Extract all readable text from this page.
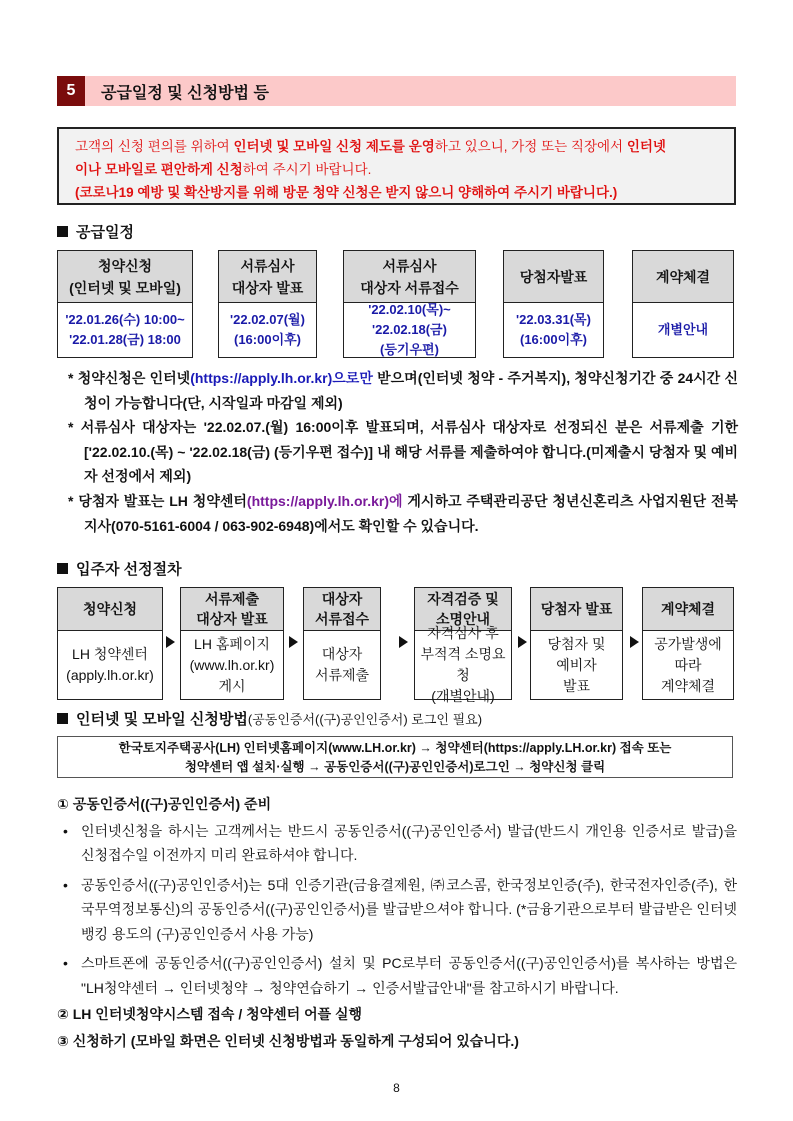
5	공급일정 및 신청방법 등
고객의 신청 편의를 위하여 인터넷 및 모바일 신청 제도를 운영하고 있으니, 가정 또는 직장에서 인터넷
이나 모바일로 편안하게 신청하여 주시기 바랍니다.
(코로나19 예방 및 확산방지를 위해 방문 청약 신청은 받지 않으니 양해하여 주시기 바랍니다.)
공급일정
청약신청
(인터넷 및 모바일)
'22.01.26(수) 10:00~
'22.01.28(금) 18:00
서류심사
대상자 발표
'22.02.07(월)
(16:00이후)
서류심사
대상자 서류접수
'22.02.10(목)~
'22.02.18(금)
(등기우편)
당첨자발표
'22.03.31(목)
(16:00이후)
계약체결
개별안내
* 청약신청은 인터넷(https://apply.lh.or.kr)으로만 받으며(인터넷 청약 - 주거복지), 청약신청기간 중 24시간 신청이 가능합니다(단, 시작일과 마감일 제외)
* 서류심사 대상자는 '22.02.07.(월) 16:00이후 발표되며, 서류심사 대상자로 선정되신 분은 서류제출 기한 ['22.02.10.(목) ~ '22.02.18(금) (등기우편 접수)] 내 해당 서류를 제출하여야 합니다.(미제출시 당첨자 및 예비자 선정에서 제외)
* 당첨자 발표는 LH 청약센터(https://apply.lh.or.kr)에 게시하고 주택관리공단 청년신혼리츠 사업지원단 전북지사(070-5161-6004 / 063-902-6948)에서도 확인할 수 있습니다.
입주자 선정절차
청약신청
LH 청약센터
(apply.lh.or.kr)
서류제출
대상자 발표
LH 홈페이지
(www.lh.or.kr)
게시
대상자
서류접수
대상자
서류제출
자격검증 및
소명안내
자격심사 후
부적격 소명요청
(개별안내)
당첨자 발표
당첨자 및
예비자
발표
계약체결
공가발생에
따라
계약체결
인터넷 및 모바일 신청방법 (공동인증서((구)공인인증서) 로그인 필요)
한국토지주택공사(LH) 인터넷홈페이지(www.LH.or.kr) → 청약센터(https://apply.LH.or.kr) 접속 또는
청약센터 앱 설치·실행 → 공동인증서((구)공인인증서)로그인 → 청약신청 클릭
① 공동인증서((구)공인인증서) 준비
• 인터넷신청을 하시는 고객께서는 반드시 공동인증서((구)공인인증서) 발급(반드시 개인용 인증서로 발급)을 신청접수일 이전까지 미리 완료하셔야 합니다.
• 공동인증서((구)공인인증서)는 5대 인증기관(금융결제원, ㈜코스콤, 한국정보인증(주), 한국전자인증(주), 한국무역정보통신)의 공동인증서((구)공인인증서)를 발급받으셔야 합니다. (*금융기관으로부터 발급받은 인터넷뱅킹 용도의 (구)공인인증서 사용 가능)
• 스마트폰에 공동인증서((구)공인인증서) 설치 및 PC로부터 공동인증서((구)공인인증서)를 복사하는 방법은 "LH청약센터 → 인터넷청약 → 청약연습하기 → 인증서발급안내"를 참고하시기 바랍니다.
② LH 인터넷청약시스템 접속 / 청약센터 어플 실행
③ 신청하기 (모바일 화면은 인터넷 신청방법과 동일하게 구성되어 있습니다.)
8
